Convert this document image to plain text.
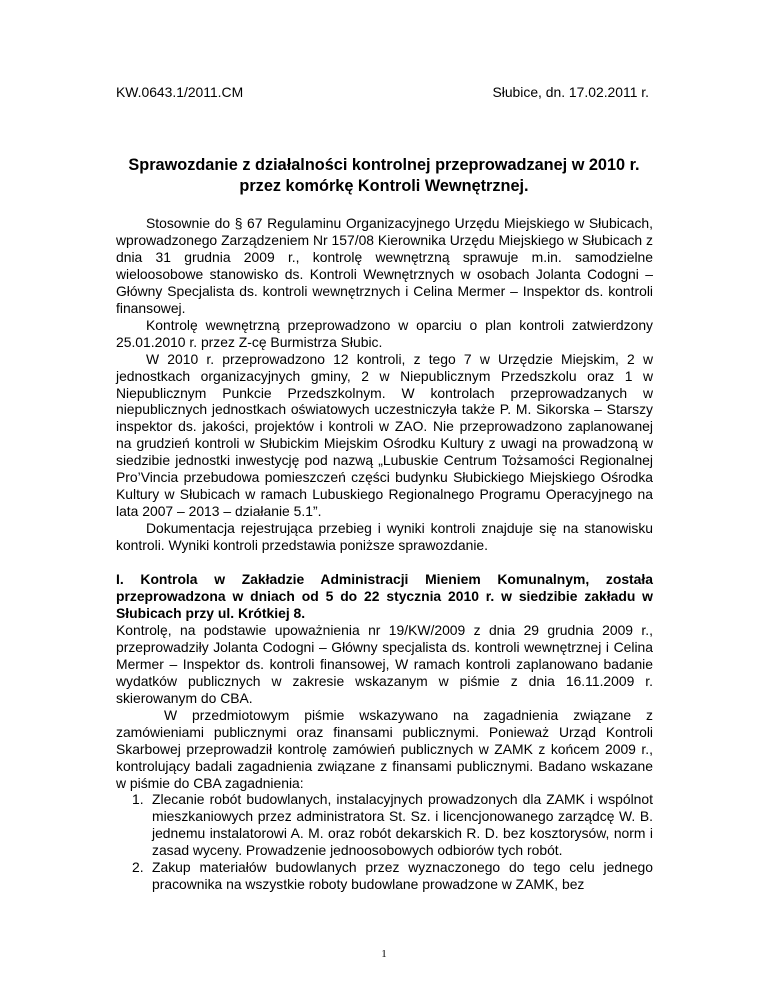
KW.0643.1/2011.CM	Słubice, dn. 17.02.2011 r.
Sprawozdanie z działalności kontrolnej przeprowadzanej w 2010 r.
przez komórkę Kontroli Wewnętrznej.

Stosownie do § 67 Regulaminu Organizacyjnego Urzędu Miejskiego w Słubicach, wprowadzonego Zarządzeniem Nr 157/08 Kierownika Urzędu Miejskiego w Słubicach z dnia 31 grudnia 2009 r., kontrolę wewnętrzną sprawuje m.in. samodzielne wieloosobowe stanowisko ds. Kontroli Wewnętrznych w osobach Jolanta Codogni – Główny Specjalista ds. kontroli wewnętrznych i Celina Mermer – Inspektor ds. kontroli finansowej.

Kontrolę wewnętrzną przeprowadzono w oparciu o plan kontroli zatwierdzony 25.01.2010 r. przez Z-cę Burmistrza Słubic.

W 2010 r. przeprowadzono 12 kontroli, z tego 7 w Urzędzie Miejskim, 2 w jednostkach organizacyjnych gminy, 2 w Niepublicznym Przedszkolu oraz 1 w Niepublicznym Punkcie Przedszkolnym. W kontrolach przeprowadzanych w niepublicznych jednostkach oświatowych uczestniczyła także P. M. Sikorska – Starszy inspektor ds. jakości, projektów i kontroli w ZAO. Nie przeprowadzono zaplanowanej na grudzień kontroli w Słubickim Miejskim Ośrodku Kultury z uwagi na prowadzoną w siedzibie jednostki inwestycję pod nazwą „Lubuskie Centrum Tożsamości Regionalnej Pro’Vincia przebudowa pomieszczeń części budynku Słubickiego Miejskiego Ośrodka Kultury w Słubicach w ramach Lubuskiego Regionalnego Programu Operacyjnego na lata 2007 – 2013 – działanie 5.1”.

Dokumentacja rejestrująca przebieg i wyniki kontroli znajduje się na stanowisku kontroli. Wyniki kontroli przedstawia poniższe sprawozdanie.

I. Kontrola w Zakładzie Administracji Mieniem Komunalnym, została przeprowadzona w dniach od 5 do 22 stycznia 2010 r. w siedzibie zakładu w Słubicach przy ul. Krótkiej 8.

Kontrolę, na podstawie upoważnienia nr 19/KW/2009 z dnia 29 grudnia 2009 r., przeprowadziły Jolanta Codogni – Główny specjalista ds. kontroli wewnętrznej i Celina Mermer – Inspektor ds. kontroli finansowej, W ramach kontroli zaplanowano badanie wydatków publicznych w zakresie wskazanym w piśmie z dnia 16.11.2009 r. skierowanym do CBA.

W przedmiotowym piśmie wskazywano na zagadnienia związane z zamówieniami publicznymi oraz finansami publicznymi. Ponieważ Urząd Kontroli Skarbowej przeprowadził kontrolę zamówień publicznych w ZAMK z końcem 2009 r., kontrolujący badali zagadnienia związane z finansami publicznymi. Badano wskazane w piśmie do CBA zagadnienia:

1. Zlecanie robót budowlanych, instalacyjnych prowadzonych dla ZAMK i wspólnot mieszkaniowych przez administratora St. Sz. i licencjonowanego zarządcę W. B. jednemu instalatorowi A. M. oraz robót dekarskich R. D. bez kosztorysów, norm i zasad wyceny. Prowadzenie jednoosobowych odbiorów tych robót.
2. Zakup materiałów budowlanych przez wyznaczonego do tego celu jednego pracownika na wszystkie roboty budowlane prowadzone w ZAMK, bez
1
